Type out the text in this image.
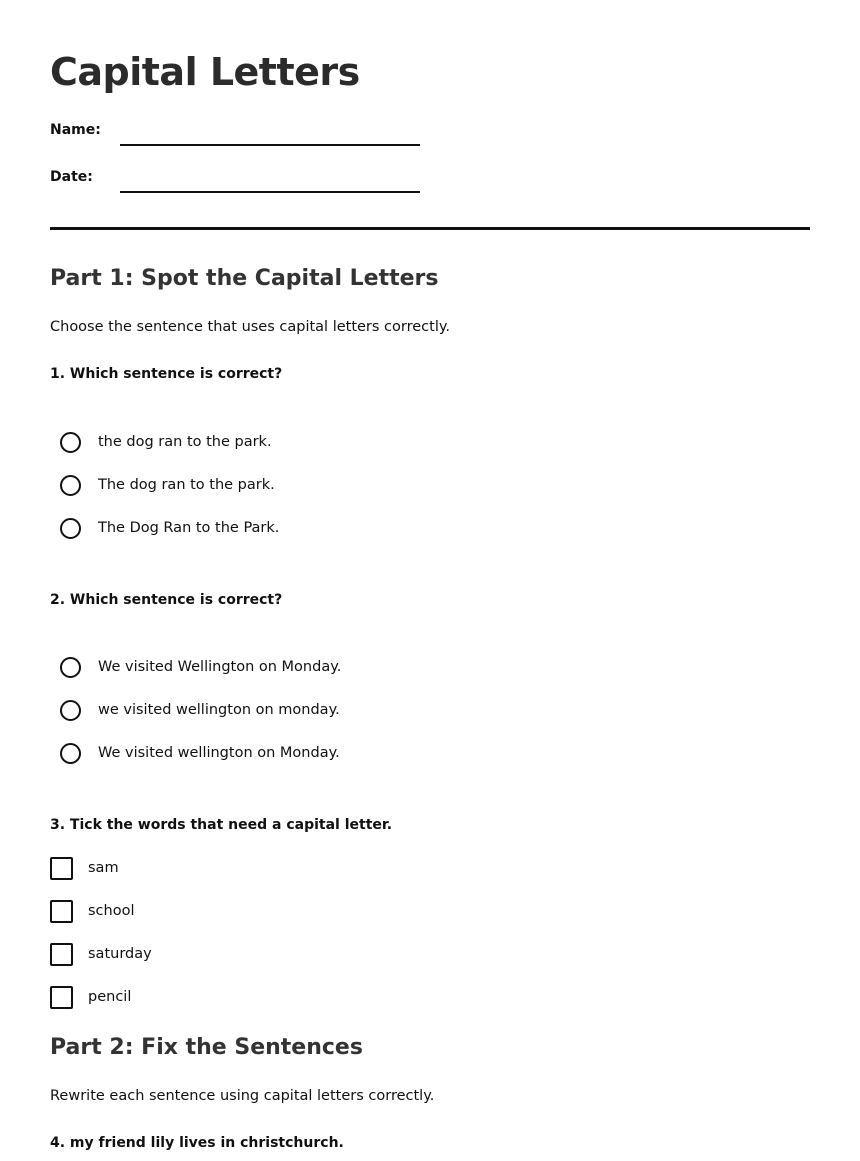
Capital Letters
Name:
Date:
Part 1: Spot the Capital Letters

Choose the sentence that uses capital letters correctly.

1. Which sentence is correct?

the dog ran to the park.
The dog ran to the park.
The Dog Ran to the Park.

2. Which sentence is correct?

We visited Wellington on Monday.
we visited wellington on monday.
We visited wellington on Monday.

3. Tick the words that need a capital letter.

sam
school
saturday
pencil
Part 2: Fix the Sentences

Rewrite each sentence using capital letters correctly.

4. my friend lily lives in christchurch.
